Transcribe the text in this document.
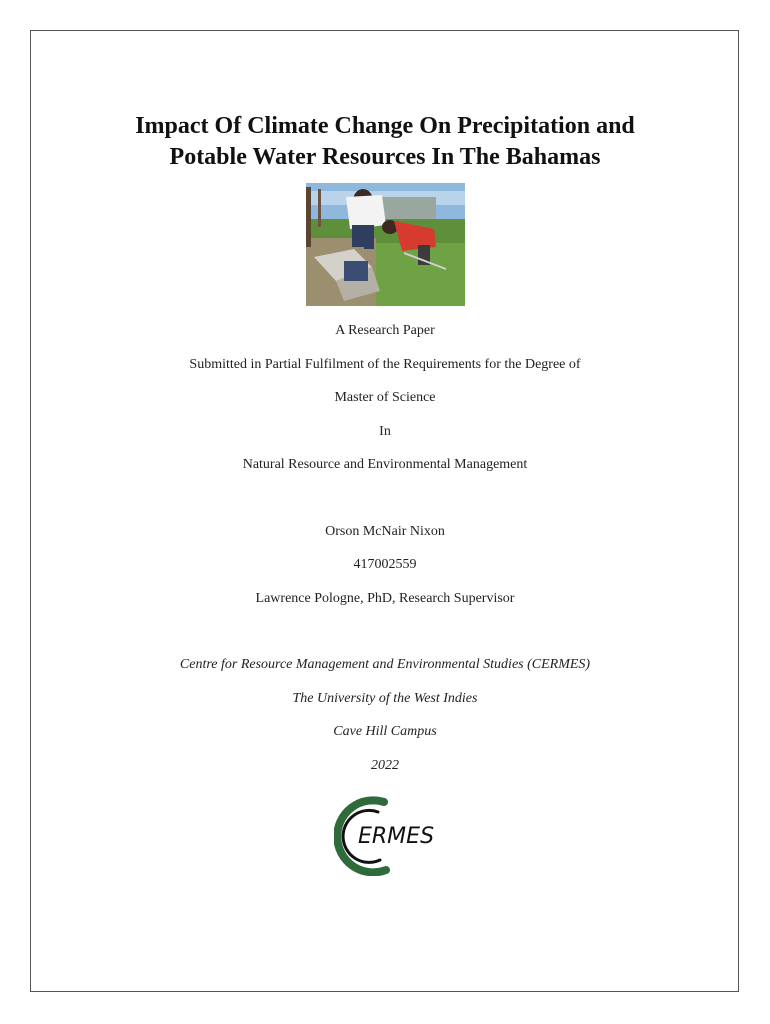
Impact Of Climate Change On Precipitation and
Potable Water Resources In The Bahamas
A Research Paper
Submitted in Partial Fulfilment of the Requirements for the Degree of
Master of Science
In
Natural Resource and Environmental Management
Orson McNair Nixon
417002559
Lawrence Pologne, PhD, Research Supervisor
Centre for Resource Management and Environmental Studies (CERMES)
The University of the West Indies
Cave Hill Campus
2022
ERMES
